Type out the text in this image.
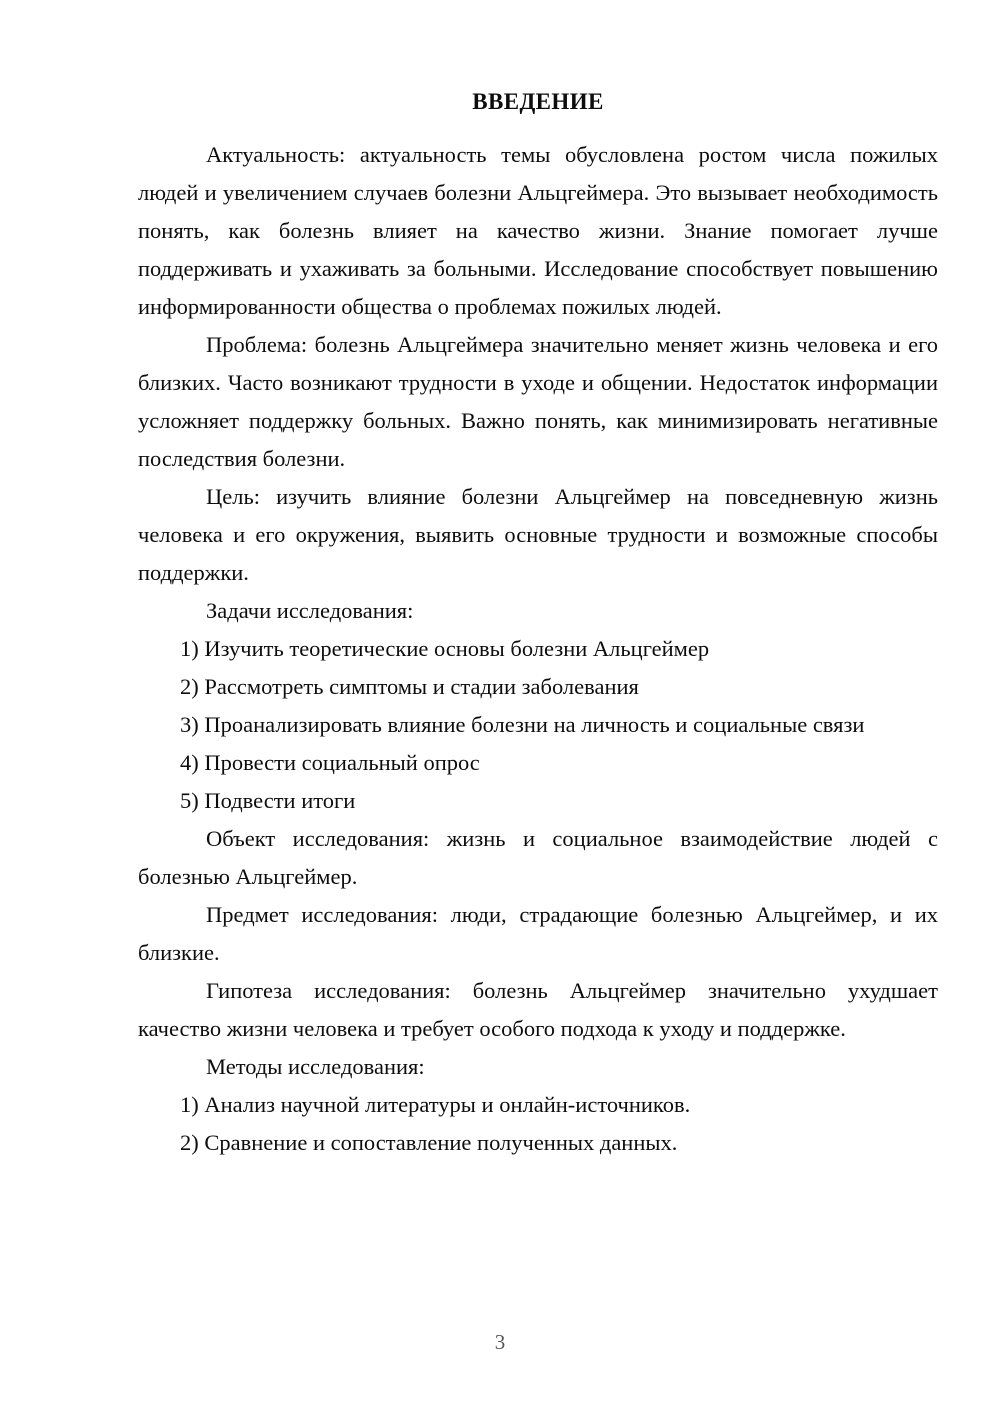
ВВЕДЕНИЕ

Актуальность: актуальность темы обусловлена ростом числа пожилых людей и увеличением случаев болезни Альцгеймера. Это вызывает необходимость понять, как болезнь влияет на качество жизни. Знание помогает лучше поддерживать и ухаживать за больными. Исследование способствует повышению информированности общества о проблемах пожилых людей.

Проблема: болезнь Альцгеймера значительно меняет жизнь человека и его близких. Часто возникают трудности в уходе и общении. Недостаток информации усложняет поддержку больных. Важно понять, как минимизировать негативные последствия болезни.

Цель: изучить влияние болезни Альцгеймер на повседневную жизнь человека и его окружения, выявить основные трудности и возможные способы поддержки.

Задачи исследования:

1) Изучить теоретические основы болезни Альцгеймер

2) Рассмотреть симптомы и стадии заболевания

3) Проанализировать влияние болезни на личность и социальные связи

4) Провести социальный опрос

5) Подвести итоги

Объект исследования: жизнь и социальное взаимодействие людей с болезнью Альцгеймер.

Предмет исследования: люди, страдающие болезнью Альцгеймер, и их близкие.

Гипотеза исследования: болезнь Альцгеймер значительно ухудшает качество жизни человека и требует особого подхода к уходу и поддержке.

Методы исследования:

1) Анализ научной литературы и онлайн-источников.

2) Сравнение и сопоставление полученных данных.

3
